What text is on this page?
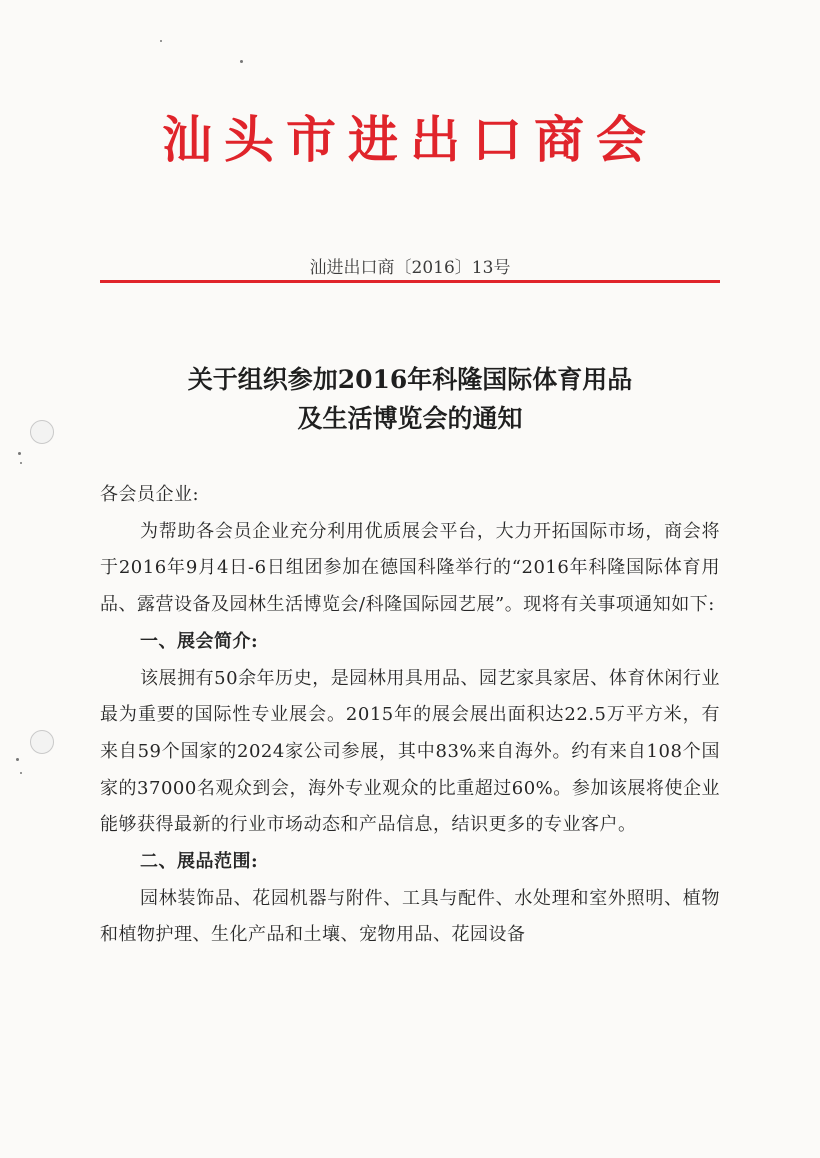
汕头市进出口商会
汕进出口商〔2016〕13号
关于组织参加2016年科隆国际体育用品
及生活博览会的通知

各会员企业:

为帮助各会员企业充分利用优质展会平台，大力开拓国际市场，商会将于2016年9月4日-6日组团参加在德国科隆举行的“2016年科隆国际体育用品、露营设备及园林生活博览会/科隆国际园艺展”。现将有关事项通知如下:

一、展会简介:

该展拥有50余年历史，是园林用具用品、园艺家具家居、体育休闲行业最为重要的国际性专业展会。2015年的展会展出面积达22.5万平方米，有来自59个国家的2024家公司参展，其中83%来自海外。约有来自108个国家的37000名观众到会，海外专业观众的比重超过60%。参加该展将使企业能够获得最新的行业市场动态和产品信息，结识更多的专业客户。

二、展品范围:

园林装饰品、花园机器与附件、工具与配件、水处理和室外照明、植物和植物护理、生化产品和土壤、宠物用品、花园设备
